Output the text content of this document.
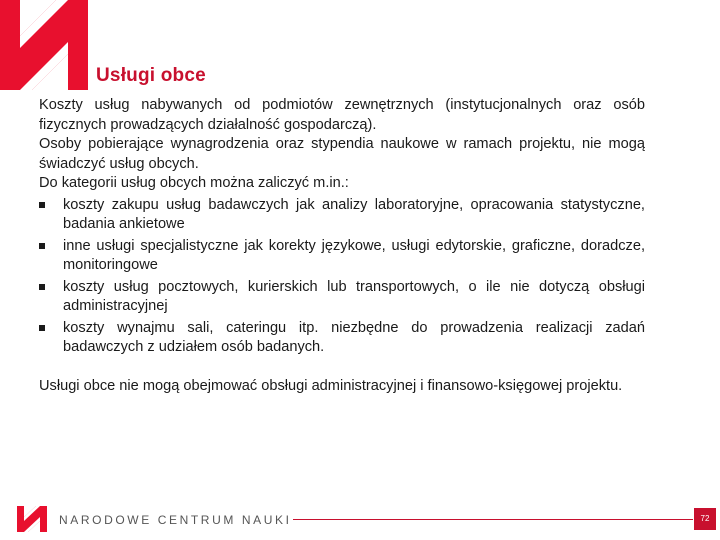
Usługi obce

Koszty usług nabywanych od podmiotów zewnętrznych (instytucjonalnych oraz osób fizycznych prowadzących działalność gospodarczą).

Osoby pobierające wynagrodzenia oraz stypendia naukowe w ramach projektu, nie mogą świadczyć usług obcych.

Do kategorii usług obcych można zaliczyć m.in.:

koszty zakupu usług badawczych jak analizy laboratoryjne, opracowania statystyczne, badania ankietowe
inne usługi specjalistyczne jak korekty językowe, usługi edytorskie, graficzne, doradcze, monitoringowe
koszty usług pocztowych, kurierskich lub transportowych, o ile nie dotyczą obsługi administracyjnej
koszty wynajmu sali, cateringu itp. niezbędne do prowadzenia realizacji zadań badawczych z udziałem osób badanych.

Usługi obce nie mogą obejmować obsługi administracyjnej i finansowo-księgowej projektu.

NARODOWE CENTRUM NAUKI	72
